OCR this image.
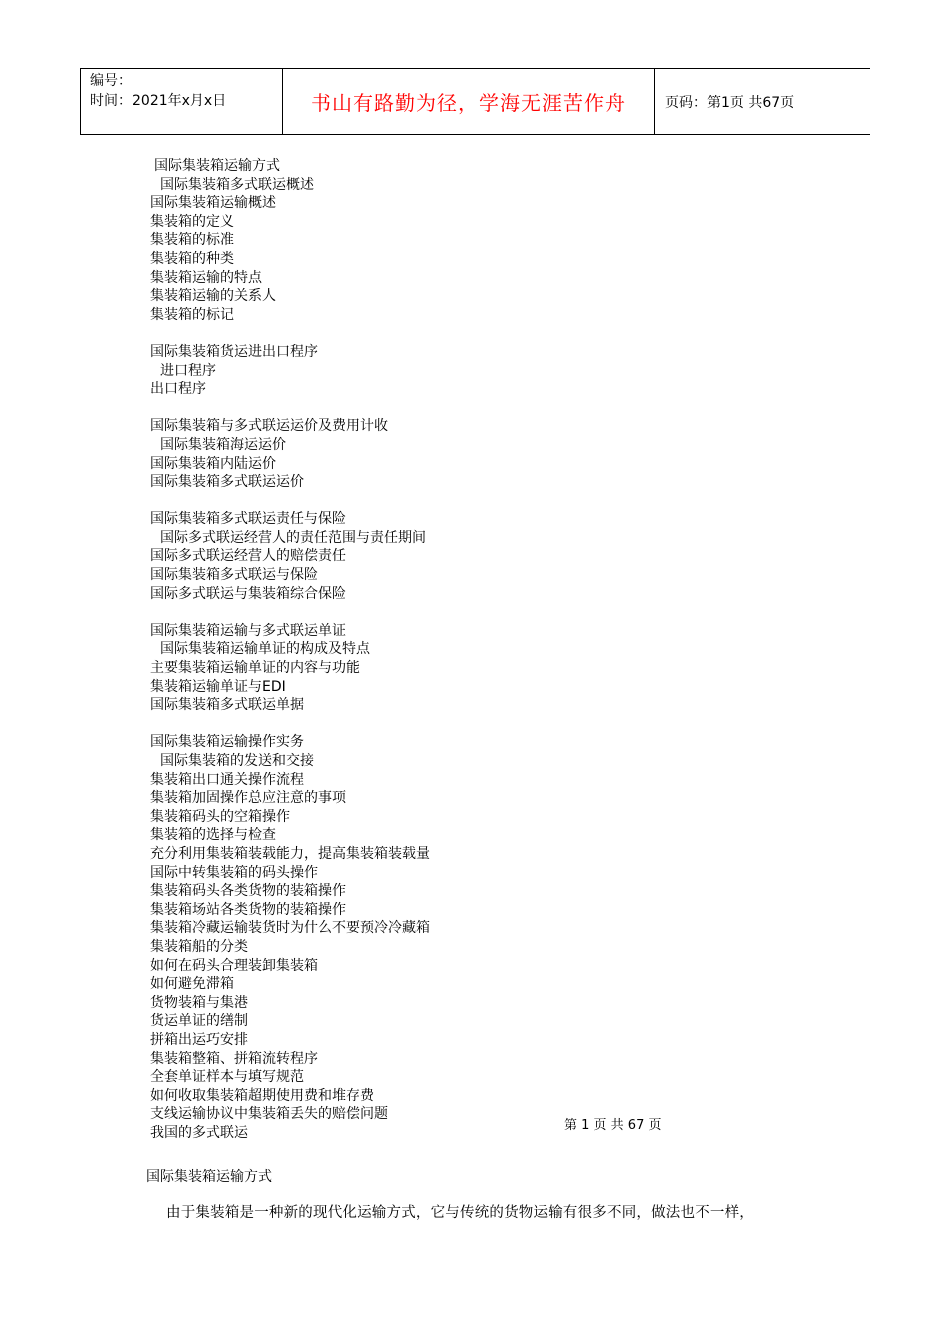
编号：
时间：2021年x月x日	书山有路勤为径，学海无涯苦作舟	页码：第1页 共67页
国际集装箱运输方式
国际集装箱多式联运概述
国际集装箱运输概述
集装箱的定义
集装箱的标准
集装箱的种类
集装箱运输的特点
集装箱运输的关系人
集装箱的标记
国际集装箱货运进出口程序
进口程序
出口程序
国际集装箱与多式联运运价及费用计收
国际集装箱海运运价
国际集装箱内陆运价
国际集装箱多式联运运价
国际集装箱多式联运责任与保险
国际多式联运经营人的责任范围与责任期间
国际多式联运经营人的赔偿责任
国际集装箱多式联运与保险
国际多式联运与集装箱综合保险
国际集装箱运输与多式联运单证
国际集装箱运输单证的构成及特点
主要集装箱运输单证的内容与功能
集装箱运输单证与EDI
国际集装箱多式联运单据
国际集装箱运输操作实务
国际集装箱的发送和交接
集装箱出口通关操作流程
集装箱加固操作总应注意的事项
集装箱码头的空箱操作
集装箱的选择与检查
充分利用集装箱装载能力，提高集装箱装载量
国际中转集装箱的码头操作
集装箱码头各类货物的装箱操作
集装箱场站各类货物的装箱操作
集装箱冷藏运输装货时为什么不要预冷冷藏箱
集装箱船的分类
如何在码头合理装卸集装箱
如何避免滞箱
货物装箱与集港
货运单证的缮制
拼箱出运巧安排
集装箱整箱、拼箱流转程序
全套单证样本与填写规范
如何收取集装箱超期使用费和堆存费
支线运输协议中集装箱丢失的赔偿问题
我国的多式联运	第 1 页 共 67 页
国际集装箱运输方式
由于集装箱是一种新的现代化运输方式，它与传统的货物运输有很多不同，做法也不一样，
